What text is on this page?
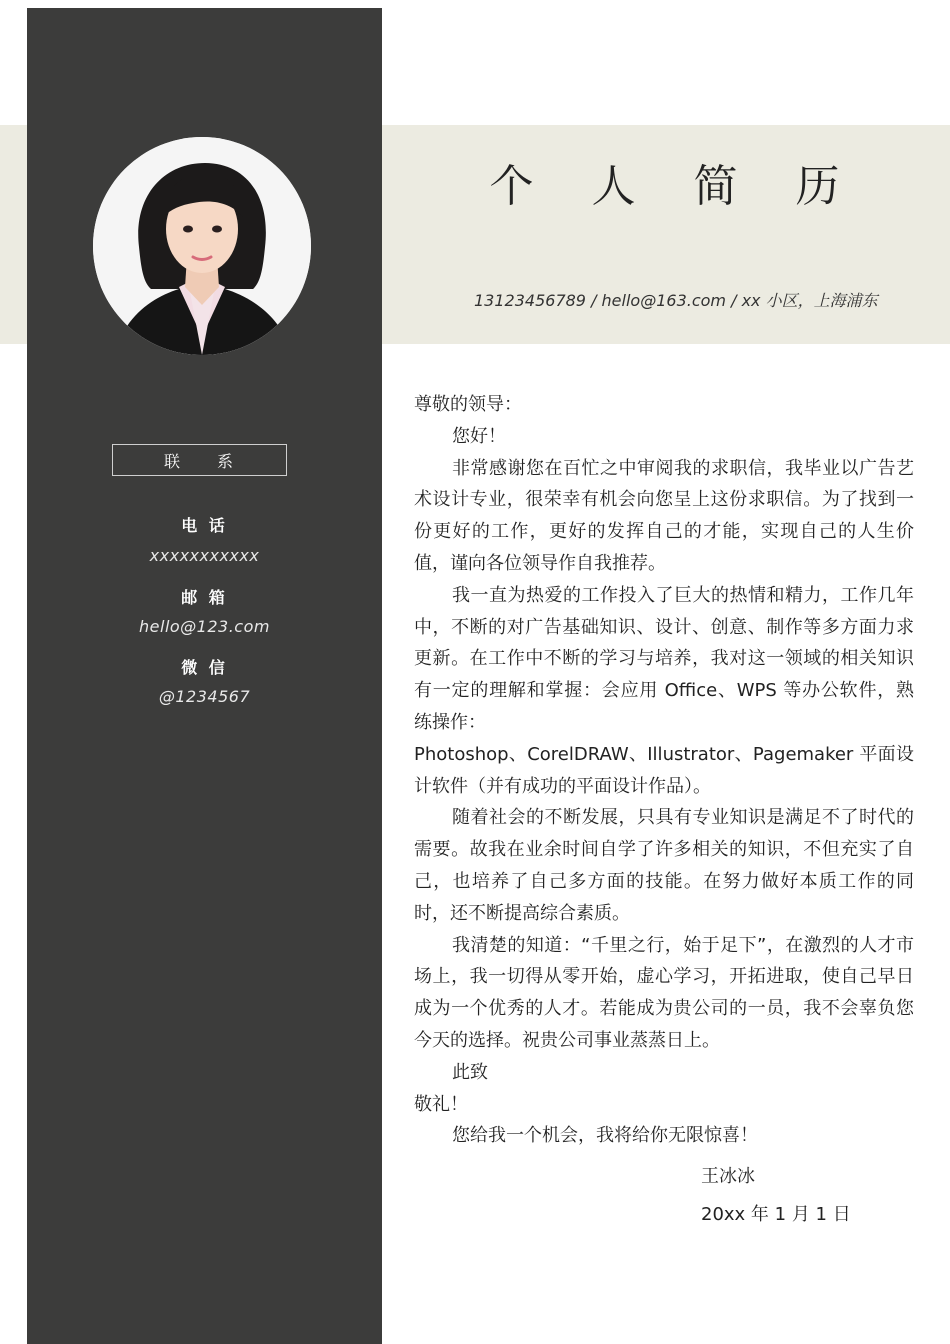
联 系
电 话
xxxxxxxxxxx
邮 箱
hello@123.com
微 信
@1234567
个 人 简 历
13123456789 / hello@163.com / xx 小区，上海浦东

尊敬的领导：

您好！

非常感谢您在百忙之中审阅我的求职信，我毕业以广告艺术设计专业，很荣幸有机会向您呈上这份求职信。为了找到一份更好的工作，更好的发挥自己的才能，实现自己的人生价值，谨向各位领导作自我推荐。

我一直为热爱的工作投入了巨大的热情和精力，工作几年中，不断的对广告基础知识、设计、创意、制作等多方面力求更新。在工作中不断的学习与培养，我对这一领域的相关知识有一定的理解和掌握：会应用 Office、WPS 等办公软件，熟练操作：

Photoshop、CorelDRAW、Illustrator、Pagemaker 平面设计软件（并有成功的平面设计作品）。

随着社会的不断发展，只具有专业知识是满足不了时代的需要。故我在业余时间自学了许多相关的知识，不但充实了自己，也培养了自己多方面的技能。在努力做好本质工作的同时，还不断提高综合素质。

我清楚的知道：“千里之行，始于足下”，在激烈的人才市场上，我一切得从零开始，虚心学习，开拓进取，使自己早日成为一个优秀的人才。若能成为贵公司的一员，我不会辜负您今天的选择。祝贵公司事业蒸蒸日上。

此致

敬礼！

您给我一个机会，我将给你无限惊喜！

王冰冰
20xx 年 1 月 1 日
